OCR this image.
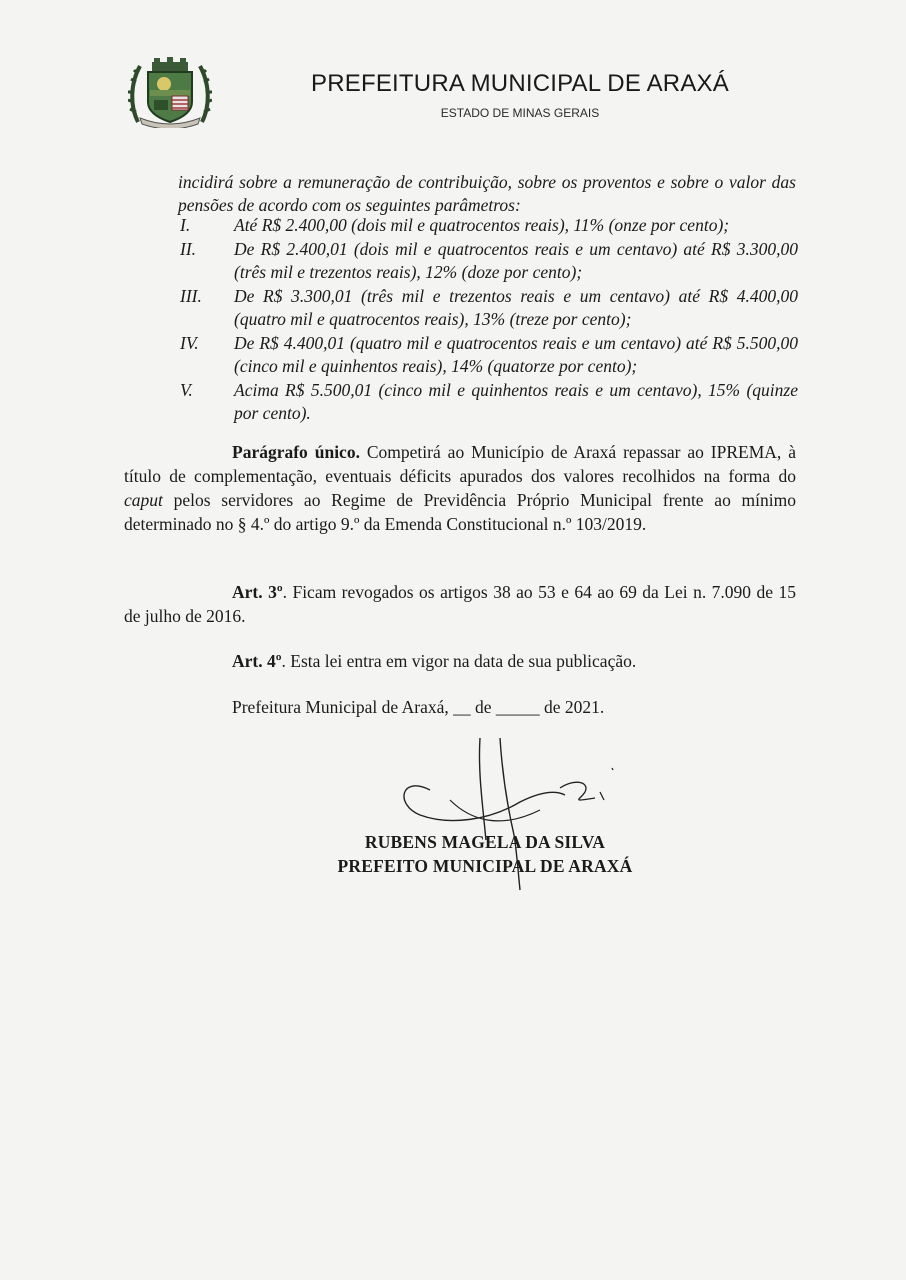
PREFEITURA MUNICIPAL DE ARAXÁ
ESTADO DE MINAS GERAIS
incidirá sobre a remuneração de contribuição, sobre os proventos e sobre o valor das pensões de acordo com os seguintes parâmetros:
I.	Até R$ 2.400,00 (dois mil e quatrocentos reais), 11% (onze por cento);
II.	De R$ 2.400,01 (dois mil e quatrocentos reais e um centavo) até R$ 3.300,00 (três mil e trezentos reais), 12% (doze por cento);
III.	De R$ 3.300,01 (três mil e trezentos reais e um centavo) até R$ 4.400,00 (quatro mil e quatrocentos reais), 13% (treze por cento);
IV.	De R$ 4.400,01 (quatro mil e quatrocentos reais e um centavo) até R$ 5.500,00 (cinco mil e quinhentos reais), 14% (quatorze por cento);
V.	Acima R$ 5.500,01 (cinco mil e quinhentos reais e um centavo), 15% (quinze por cento).
Parágrafo único. Competirá ao Município de Araxá repassar ao IPREMA, à título de complementação, eventuais déficits apurados dos valores recolhidos na forma do caput pelos servidores ao Regime de Previdência Próprio Municipal frente ao mínimo determinado no § 4.º do artigo 9.º da Emenda Constitucional n.º 103/2019.
Art. 3º. Ficam revogados os artigos 38 ao 53 e 64 ao 69 da Lei n. 7.090 de 15 de julho de 2016.
Art. 4º. Esta lei entra em vigor na data de sua publicação.
Prefeitura Municipal de Araxá, __ de _____ de 2021.
RUBENS MAGELA DA SILVA
PREFEITO MUNICIPAL DE ARAXÁ
